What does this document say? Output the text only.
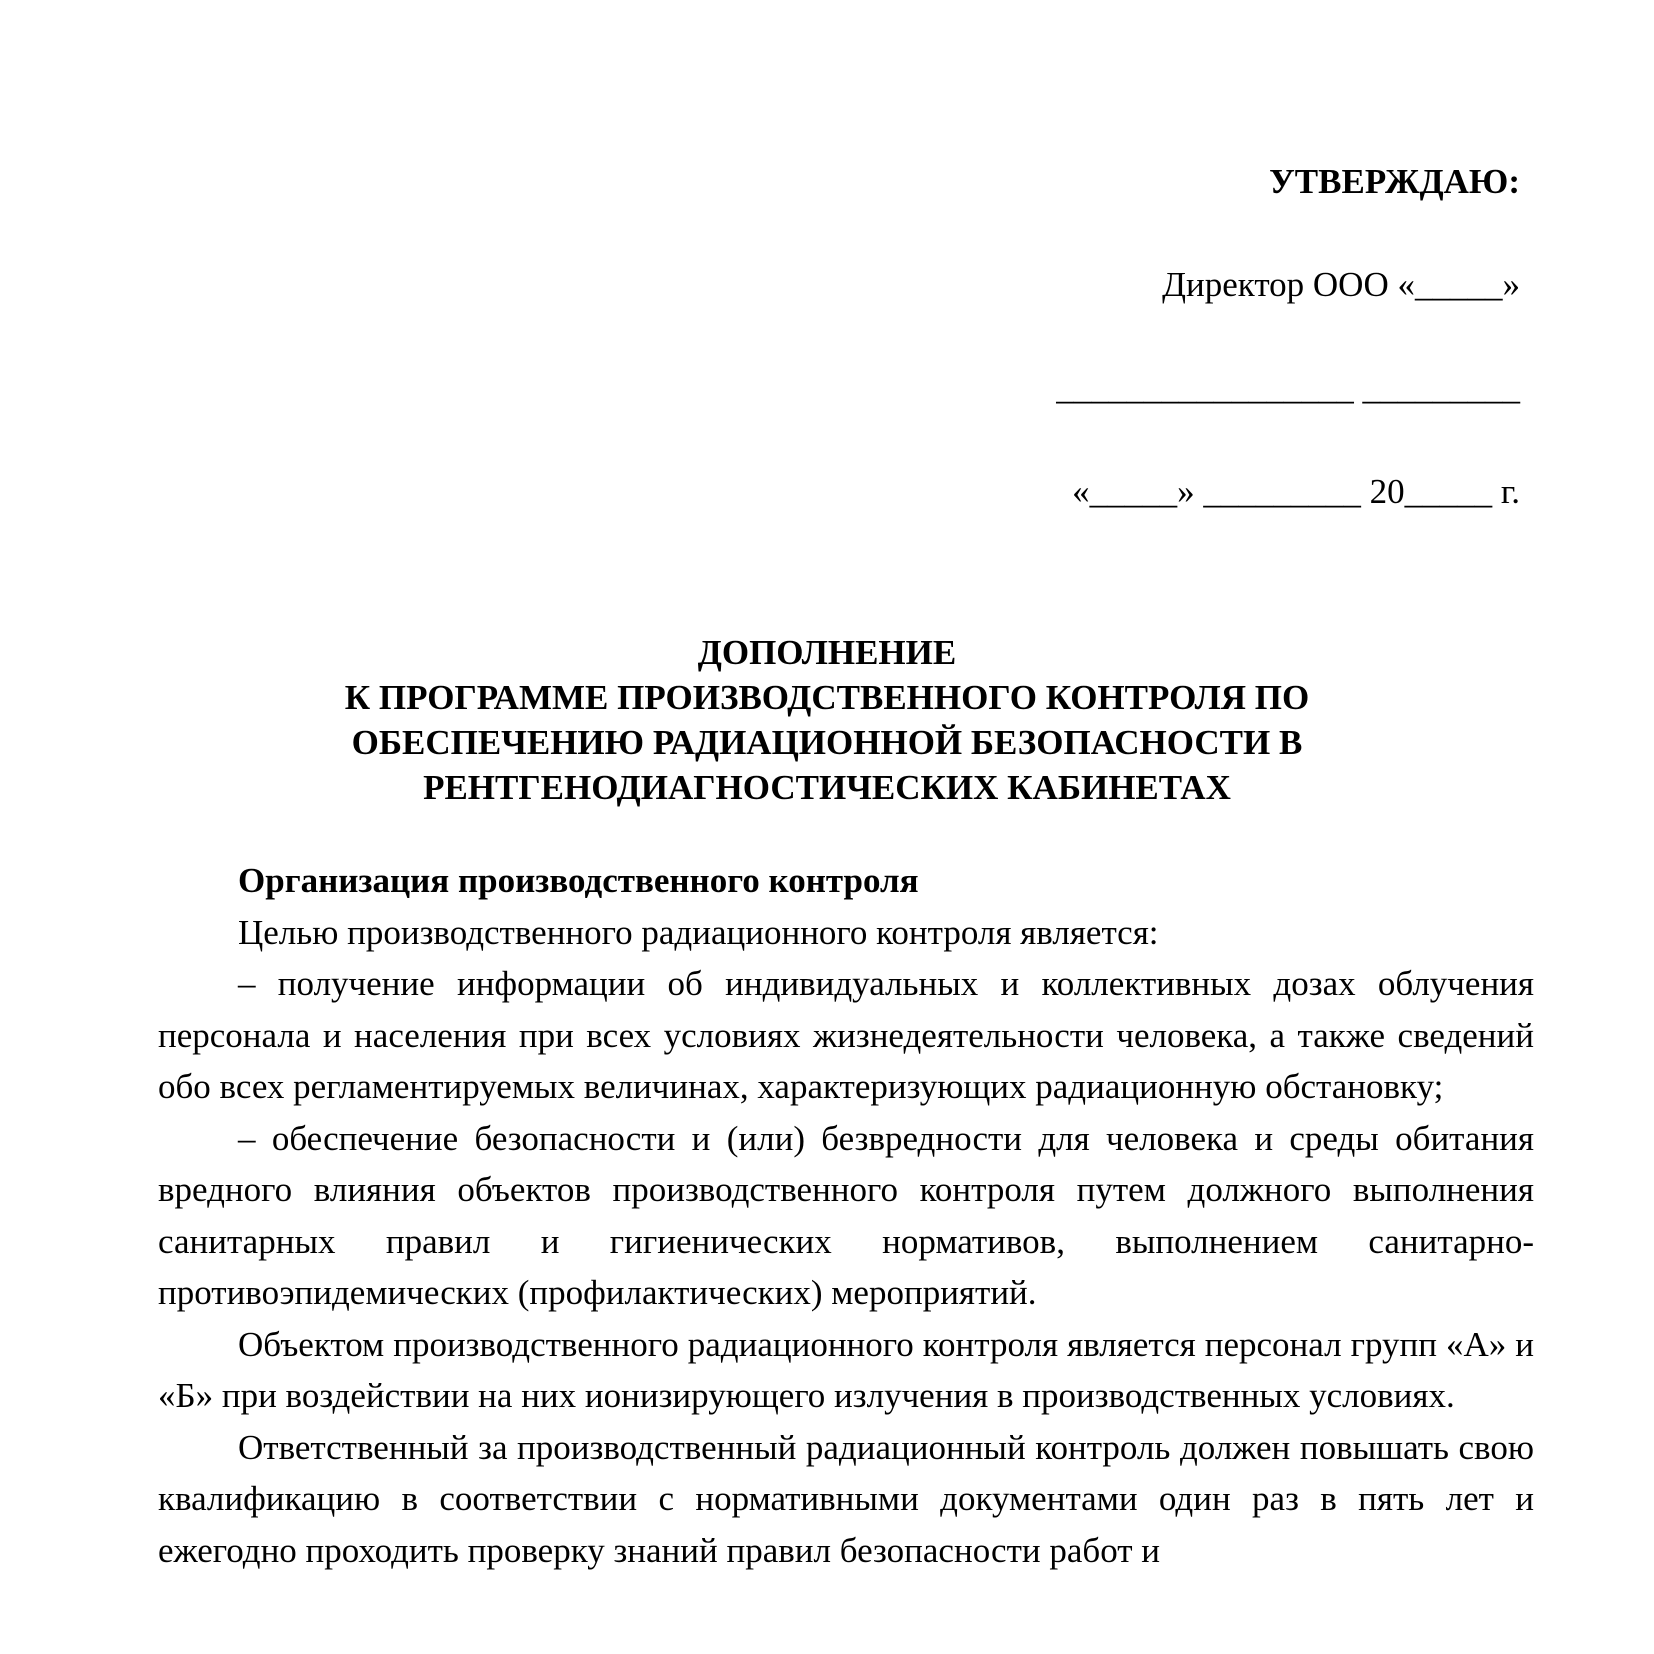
УТВЕРЖДАЮ:
Директор ООО «_____»
_________________ _________
«_____» _________ 20_____ г.
ДОПОЛНЕНИЕ
К ПРОГРАММЕ ПРОИЗВОДСТВЕННОГО КОНТРОЛЯ ПО
ОБЕСПЕЧЕНИЮ РАДИАЦИОННОЙ БЕЗОПАСНОСТИ В
РЕНТГЕНОДИАГНОСТИЧЕСКИХ КАБИНЕТАХ

Организация производственного контроля

Целью производственного радиационного контроля является:

– получение информации об индивидуальных и коллективных дозах облучения персонала и населения при всех условиях жизнедеятельности человека, а также сведений обо всех регламентируемых величинах, характеризующих радиационную обстановку;

– обеспечение безопасности и (или) безвредности для человека и среды обитания вредного влияния объектов производственного контроля путем должного выполнения санитарных правил и гигиенических нормативов, выполнением санитарно-противоэпидемических (профилактических) мероприятий.

Объектом производственного радиационного контроля является персонал групп «А» и «Б» при воздействии на них ионизирующего излучения в производственных условиях.

Ответственный за производственный радиационный контроль должен повышать свою квалификацию в соответствии с нормативными документами один раз в пять лет и ежегодно проходить проверку знаний правил безопасности работ и
